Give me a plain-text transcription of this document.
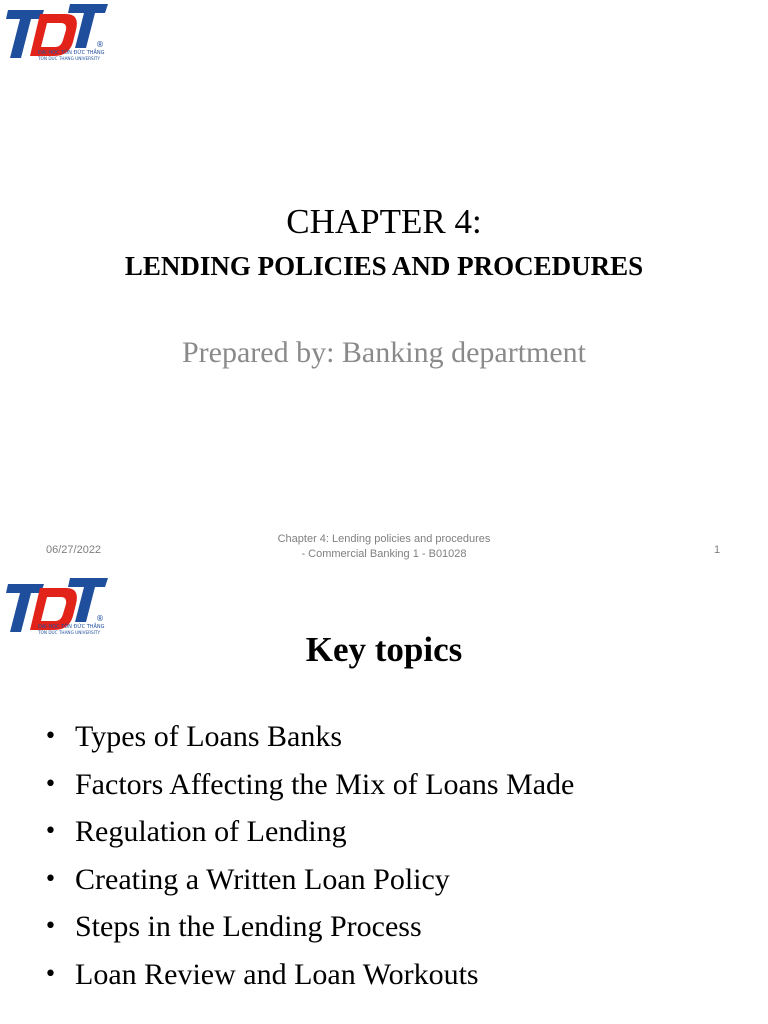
®
ĐẠI HỌC TÔN ĐỨC THẮNG
TON DUC THANG UNIVERSITY
CHAPTER 4:
LENDING POLICIES AND PROCEDURES
Prepared by: Banking department
06/27/2022
Chapter 4: Lending policies and procedures
- Commercial Banking 1 - B01028	1
®
ĐẠI HỌC TÔN ĐỨC THẮNG
TON DUC THANG UNIVERSITY	Key topics
• Types of Loans Banks
• Factors Affecting the Mix of Loans Made
• Regulation of Lending
• Creating a Written Loan Policy
• Steps in the Lending Process
• Loan Review and Loan Workouts
